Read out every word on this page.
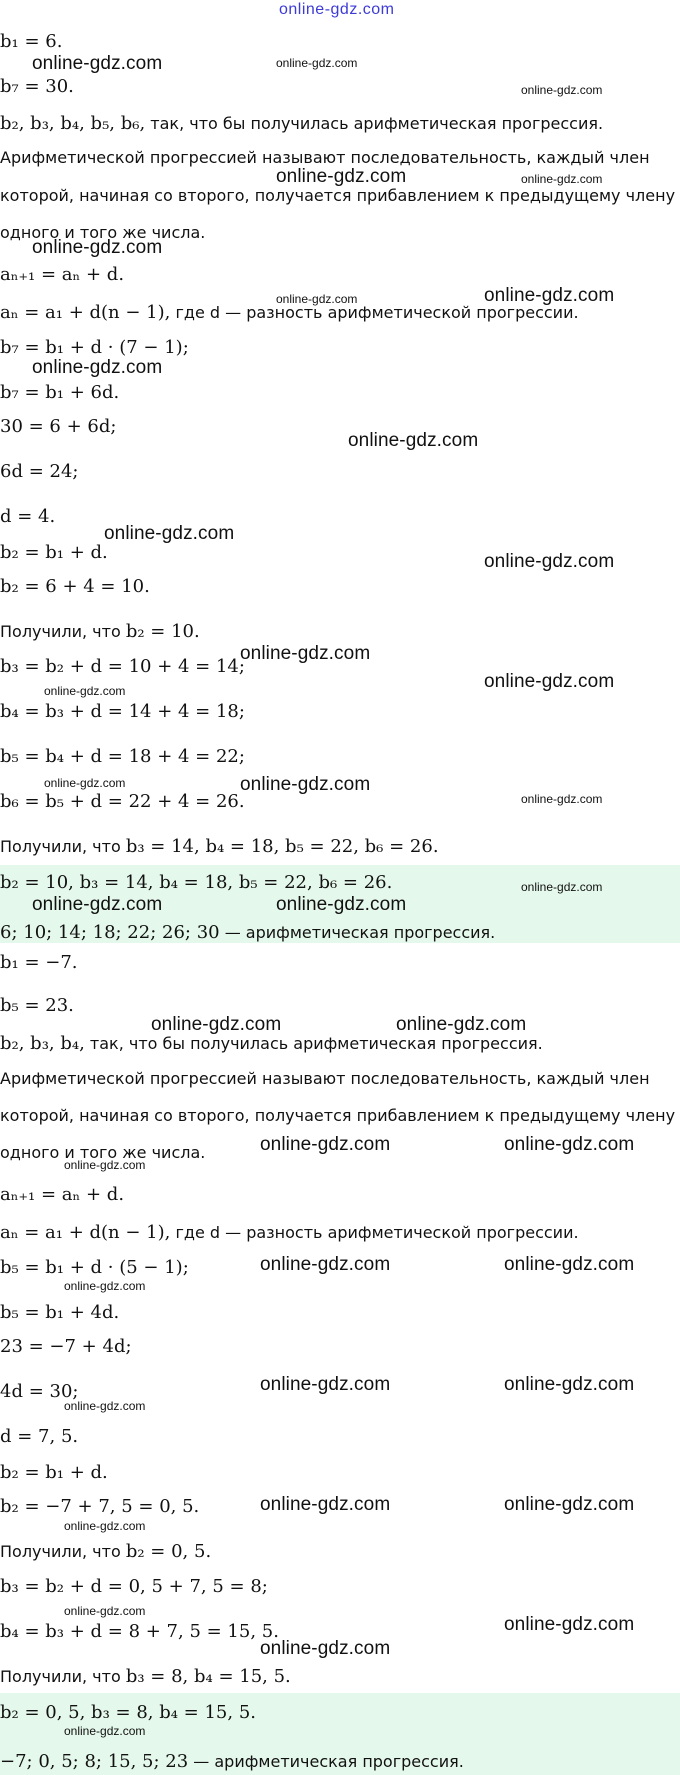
online-gdz.com
b₁ = 6.
b₇ = 30.
b₂, b₃, b₄, b₅, b₆, так, что бы получилась арифметическая прогрессия.
Арифметической прогрессией называют последовательность, каждый член
которой, начиная со второго, получается прибавлением к предыдущему члену
одного и того же числа.
aₙ₊₁ = aₙ + d.
aₙ = a₁ + d(n − 1), где d — разность арифметической прогрессии.
b₇ = b₁ + d · (7 − 1);
b₇ = b₁ + 6d.
30 = 6 + 6d;
6d = 24;
d = 4.
b₂ = b₁ + d.
b₂ = 6 + 4 = 10.
Получили, что b₂ = 10.
b₃ = b₂ + d = 10 + 4 = 14;
b₄ = b₃ + d = 14 + 4 = 18;
b₅ = b₄ + d = 18 + 4 = 22;
b₆ = b₅ + d = 22 + 4 = 26.
Получили, что b₃ = 14, b₄ = 18, b₅ = 22, b₆ = 26.
b₂ = 10, b₃ = 14, b₄ = 18, b₅ = 22, b₆ = 26.
6; 10; 14; 18; 22; 26; 30 — арифметическая прогрессия.
b₁ = −7.
b₅ = 23.
b₂, b₃, b₄, так, что бы получилась арифметическая прогрессия.
Арифметической прогрессией называют последовательность, каждый член
которой, начиная со второго, получается прибавлением к предыдущему члену
одного и того же числа.
aₙ₊₁ = aₙ + d.
aₙ = a₁ + d(n − 1), где d — разность арифметической прогрессии.
b₅ = b₁ + d · (5 − 1);
b₅ = b₁ + 4d.
23 = −7 + 4d;
4d = 30;
d = 7, 5.
b₂ = b₁ + d.
b₂ = −7 + 7, 5 = 0, 5.
Получили, что b₂ = 0, 5.
b₃ = b₂ + d = 0, 5 + 7, 5 = 8;
b₄ = b₃ + d = 8 + 7, 5 = 15, 5.
Получили, что b₃ = 8, b₄ = 15, 5.
b₂ = 0, 5, b₃ = 8, b₄ = 15, 5.
−7; 0, 5; 8; 15, 5; 23 — арифметическая прогрессия.
online-gdz.com	online-gdz.com
online-gdz.com
online-gdz.com	online-gdz.com
online-gdz.com
online-gdz.com	online-gdz.com
online-gdz.com
online-gdz.com
online-gdz.com
online-gdz.com
online-gdz.com
online-gdz.com	online-gdz.com
online-gdz.com	online-gdz.com
online-gdz.com
online-gdz.com
online-gdz.com	online-gdz.com
online-gdz.com	online-gdz.com
online-gdz.com	online-gdz.com
online-gdz.com
online-gdz.com	online-gdz.com
online-gdz.com
online-gdz.com	online-gdz.com
online-gdz.com
online-gdz.com	online-gdz.com
online-gdz.com
online-gdz.com
online-gdz.com
online-gdz.com
online-gdz.com
